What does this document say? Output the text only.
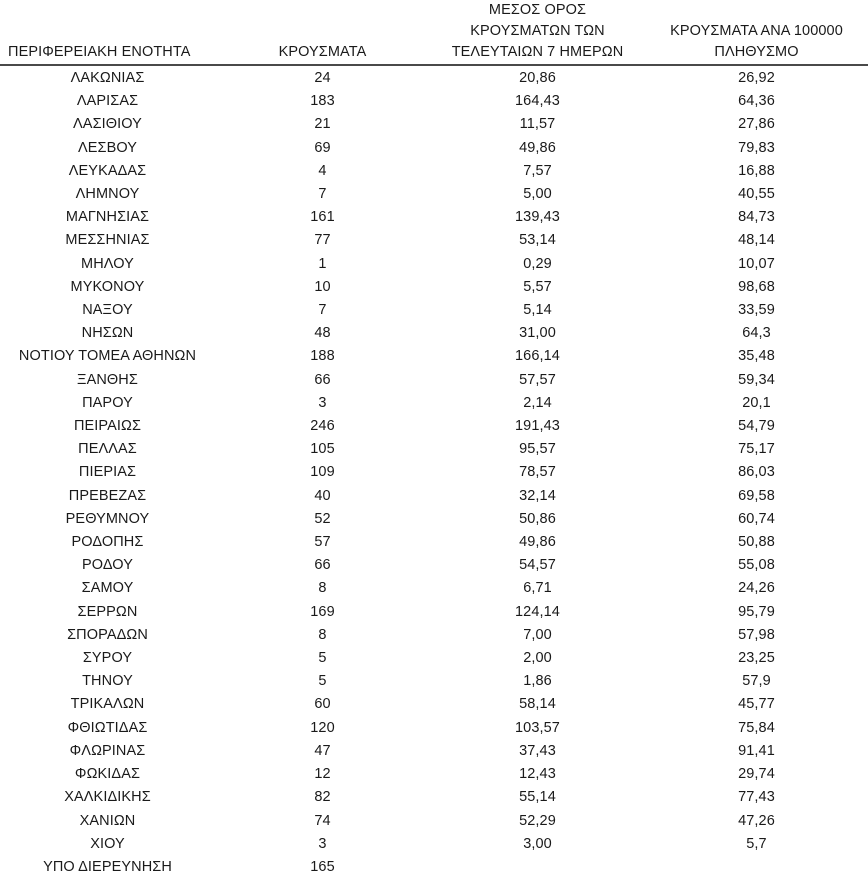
ΠΕΡΙΦΕΡΕΙΑΚΗ ΕΝΟΤΗΤΑ	ΚΡΟΥΣΜΑΤΑ	ΜΕΣΟΣ ΟΡΟΣ
ΚΡΟΥΣΜΑΤΩΝ ΤΩΝ
ΤΕΛΕΥΤΑΙΩΝ 7 ΗΜΕΡΩΝ	ΚΡΟΥΣΜΑΤΑ ΑΝΑ 100000
ΠΛΗΘΥΣΜΟ

ΛΑΚΩΝΙΑΣ	24	20,86	26,92
ΛΑΡΙΣΑΣ	183	164,43	64,36
ΛΑΣΙΘΙΟΥ	21	11,57	27,86
ΛΕΣΒΟΥ	69	49,86	79,83
ΛΕΥΚΑΔΑΣ	4	7,57	16,88
ΛΗΜΝΟΥ	7	5,00	40,55
ΜΑΓΝΗΣΙΑΣ	161	139,43	84,73
ΜΕΣΣΗΝΙΑΣ	77	53,14	48,14
ΜΗΛΟΥ	1	0,29	10,07
ΜΥΚΟΝΟΥ	10	5,57	98,68
ΝΑΞΟΥ	7	5,14	33,59
ΝΗΣΩΝ	48	31,00	64,3
ΝΟΤΙΟΥ ΤΟΜΕΑ ΑΘΗΝΩΝ	188	166,14	35,48
ΞΑΝΘΗΣ	66	57,57	59,34
ΠΑΡΟΥ	3	2,14	20,1
ΠΕΙΡΑΙΩΣ	246	191,43	54,79
ΠΕΛΛΑΣ	105	95,57	75,17
ΠΙΕΡΙΑΣ	109	78,57	86,03
ΠΡΕΒΕΖΑΣ	40	32,14	69,58
ΡΕΘΥΜΝΟΥ	52	50,86	60,74
ΡΟΔΟΠΗΣ	57	49,86	50,88
ΡΟΔΟΥ	66	54,57	55,08
ΣΑΜΟΥ	8	6,71	24,26
ΣΕΡΡΩΝ	169	124,14	95,79
ΣΠΟΡΑΔΩΝ	8	7,00	57,98
ΣΥΡΟΥ	5	2,00	23,25
ΤΗΝΟΥ	5	1,86	57,9
ΤΡΙΚΑΛΩΝ	60	58,14	45,77
ΦΘΙΩΤΙΔΑΣ	120	103,57	75,84
ΦΛΩΡΙΝΑΣ	47	37,43	91,41
ΦΩΚΙΔΑΣ	12	12,43	29,74
ΧΑΛΚΙΔΙΚΗΣ	82	55,14	77,43
ΧΑΝΙΩΝ	74	52,29	47,26
ΧΙΟΥ	3	3,00	5,7
ΥΠΟ ΔΙΕΡΕΥΝΗΣΗ	165		
